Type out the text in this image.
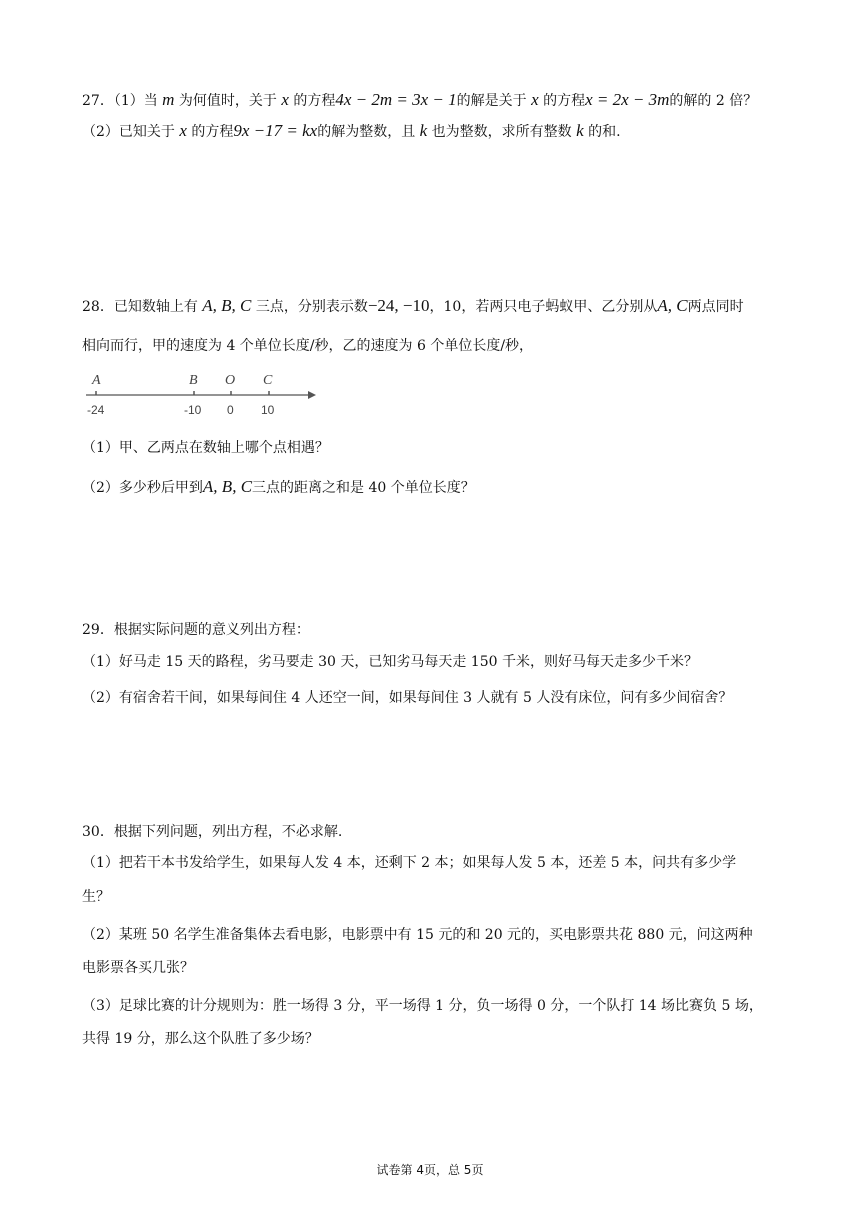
27．（1）当 m 为何值时，关于 x 的方程4x − 2m = 3x − 1的解是关于 x 的方程x = 2x − 3m的解的 2 倍？
（2）已知关于 x 的方程9x −17 = kx的解为整数，且 k 也为整数，求所有整数 k 的和.
28．已知数轴上有 A, B, C 三点，分别表示数−24, −10，10，若两只电子蚂蚁甲、乙分别从A, C两点同时
相向而行，甲的速度为 4 个单位长度/秒，乙的速度为 6 个单位长度/秒，
A
-24
B
-10
O
0
C
10
（1）甲、乙两点在数轴上哪个点相遇？
（2）多少秒后甲到A, B, C三点的距离之和是 40 个单位长度？
29．根据实际问题的意义列出方程：
（1）好马走 15 天的路程，劣马要走 30 天，已知劣马每天走 150 千米，则好马每天走多少千米？
（2）有宿舍若干间，如果每间住 4 人还空一间，如果每间住 3 人就有 5 人没有床位，问有多少间宿舍？
30．根据下列问题，列出方程，不必求解.
（1）把若干本书发给学生，如果每人发 4 本，还剩下 2 本；如果每人发 5 本，还差 5 本，问共有多少学
生？
（2）某班 50 名学生准备集体去看电影，电影票中有 15 元的和 20 元的，买电影票共花 880 元，问这两种
电影票各买几张？
（3）足球比赛的计分规则为：胜一场得 3 分，平一场得 1 分，负一场得 0 分，一个队打 14 场比赛负 5 场，
共得 19 分，那么这个队胜了多少场？
试卷第 4页，总 5页
